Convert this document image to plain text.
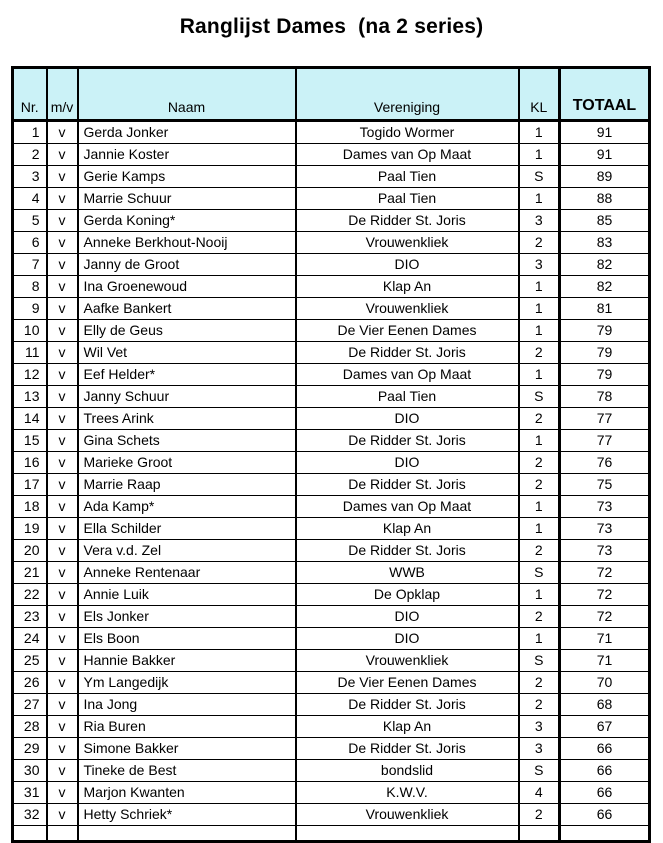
Ranglijst Dames  (na 2 series)
Nr.	m/v	Naam	Vereniging	KL	TOTAAL
1	v	Gerda Jonker	Togido Wormer	1	91
2	v	Jannie Koster	Dames van Op Maat	1	91
3	v	Gerie Kamps	Paal Tien	S	89
4	v	Marrie Schuur	Paal Tien	1	88
5	v	Gerda Koning*	De Ridder St. Joris	3	85
6	v	Anneke Berkhout-Nooij	Vrouwenkliek	2	83
7	v	Janny de Groot	DIO	3	82
8	v	Ina Groenewoud	Klap An	1	82
9	v	Aafke Bankert	Vrouwenkliek	1	81
10	v	Elly de Geus	De Vier Eenen Dames	1	79
11	v	Wil Vet	De Ridder St. Joris	2	79
12	v	Eef Helder*	Dames van Op Maat	1	79
13	v	Janny Schuur	Paal Tien	S	78
14	v	Trees Arink	DIO	2	77
15	v	Gina Schets	De Ridder St. Joris	1	77
16	v	Marieke Groot	DIO	2	76
17	v	Marrie Raap	De Ridder St. Joris	2	75
18	v	Ada Kamp*	Dames van Op Maat	1	73
19	v	Ella Schilder	Klap An	1	73
20	v	Vera v.d. Zel	De Ridder St. Joris	2	73
21	v	Anneke Rentenaar	WWB	S	72
22	v	Annie Luik	De Opklap	1	72
23	v	Els Jonker	DIO	2	72
24	v	Els Boon	DIO	1	71
25	v	Hannie Bakker	Vrouwenkliek	S	71
26	v	Ym Langedijk	De Vier Eenen Dames	2	70
27	v	Ina Jong	De Ridder St. Joris	2	68
28	v	Ria Buren	Klap An	3	67
29	v	Simone Bakker	De Ridder St. Joris	3	66
30	v	Tineke de Best	bondslid	S	66
31	v	Marjon Kwanten	K.W.V.	4	66
32	v	Hetty Schriek*	Vrouwenkliek	2	66
